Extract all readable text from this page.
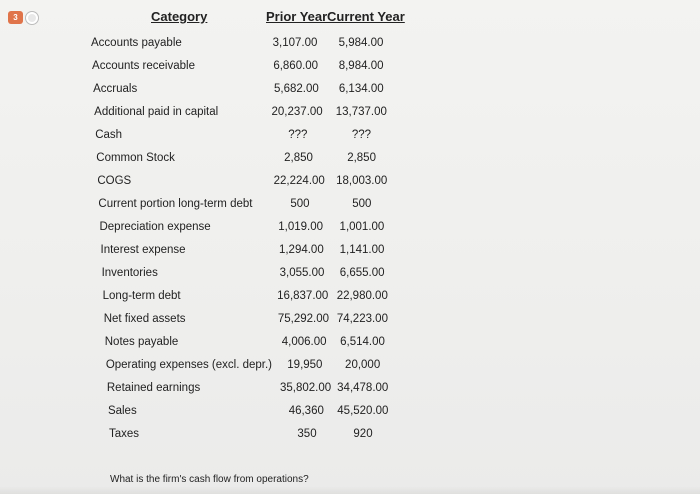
3	Category	Prior Year Current Year
Accounts payable	3,107.00	5,984.00
Accounts receivable	6,860.00	8,984.00
Accruals	5,682.00	6,134.00
Additional paid in capital	20,237.00	13,737.00
Cash	???	???
Common Stock	2,850	2,850
COGS	22,224.00 18,003.00
Current portion long-term debt	500	500
Depreciation expense	1,019.00	1,001.00
Interest expense	1,294.00	1,141.00
Inventories	3,055.00	6,655.00
Long-term debt	16,837.00 22,980.00
Net fixed assets	75,292.00 74,223.00
Notes payable	4,006.00	6,514.00
Operating expenses (excl. depr.)	19,950	20,000
Retained earnings	35,802.00 34,478.00
Sales	46,360	45,520.00
Taxes	350	920
What is the firm's cash flow from operations?
